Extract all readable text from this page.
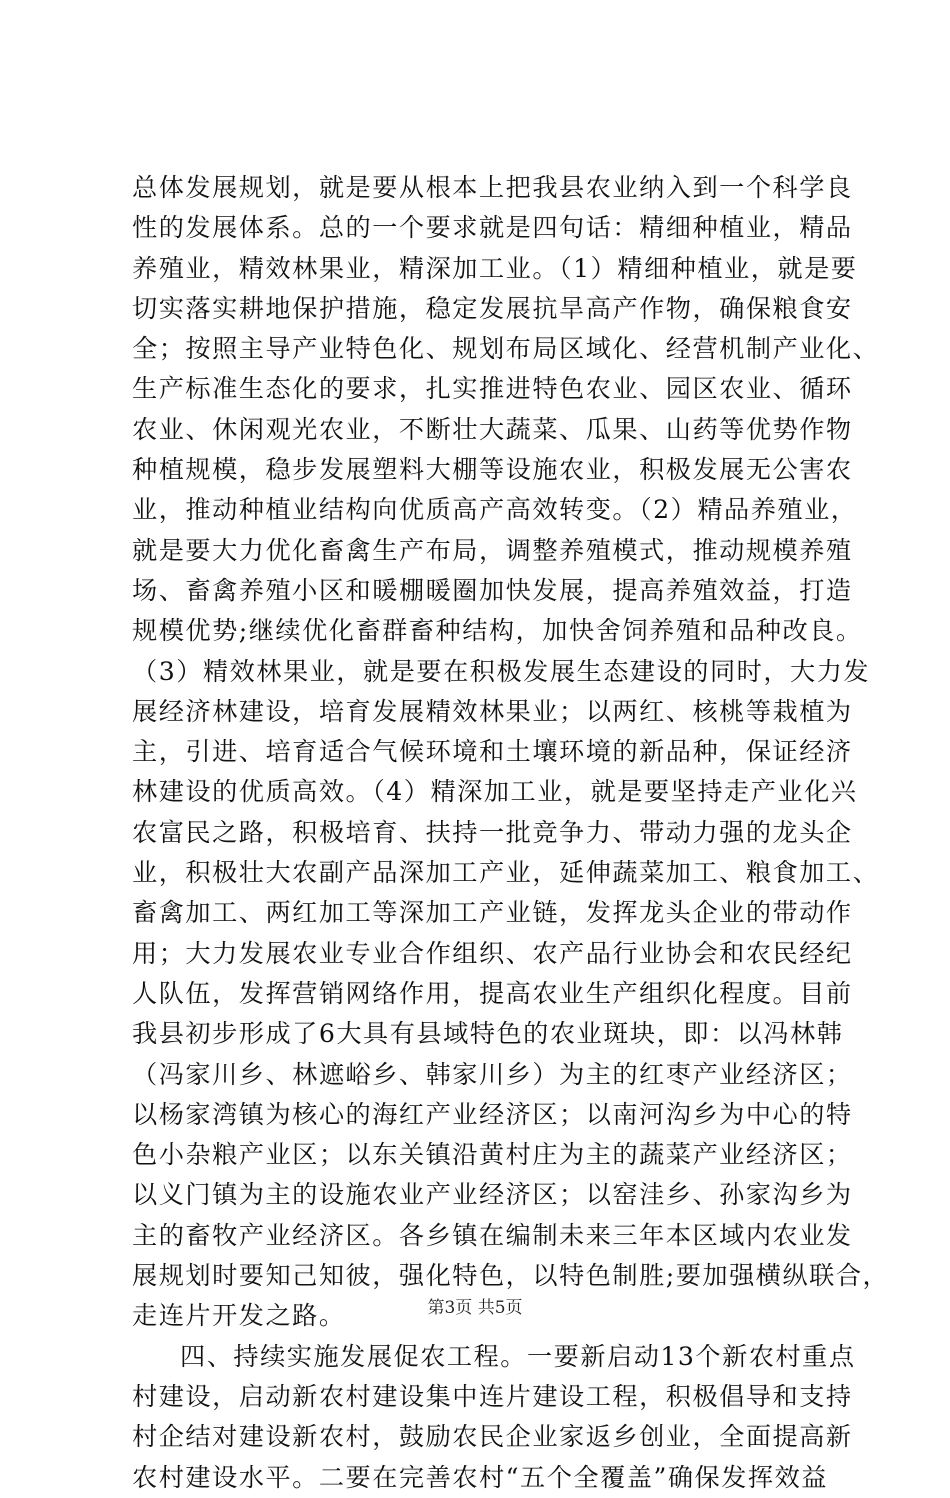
总体发展规划，就是要从根本上把我县农业纳入到一个科学良
性的发展体系。总的一个要求就是四句话：精细种植业，精品
养殖业，精效林果业，精深加工业。（1）精细种植业，就是要
切实落实耕地保护措施，稳定发展抗旱高产作物，确保粮食安
全；按照主导产业特色化、规划布局区域化、经营机制产业化、
生产标准生态化的要求，扎实推进特色农业、园区农业、循环
农业、休闲观光农业，不断壮大蔬菜、瓜果、山药等优势作物
种植规模，稳步发展塑料大棚等设施农业，积极发展无公害农
业，推动种植业结构向优质高产高效转变。（2）精品养殖业，
就是要大力优化畜禽生产布局，调整养殖模式，推动规模养殖
场、畜禽养殖小区和暖棚暖圈加快发展，提高养殖效益，打造
规模优势;继续优化畜群畜种结构，加快舍饲养殖和品种改良。
（3）精效林果业，就是要在积极发展生态建设的同时，大力发
展经济林建设，培育发展精效林果业；以两红、核桃等栽植为
主，引进、培育适合气候环境和土壤环境的新品种，保证经济
林建设的优质高效。（4）精深加工业，就是要坚持走产业化兴
农富民之路，积极培育、扶持一批竞争力、带动力强的龙头企
业，积极壮大农副产品深加工产业，延伸蔬菜加工、粮食加工、
畜禽加工、两红加工等深加工产业链，发挥龙头企业的带动作
用；大力发展农业专业合作组织、农产品行业协会和农民经纪
人队伍，发挥营销网络作用，提高农业生产组织化程度。目前
我县初步形成了6大具有县域特色的农业斑块，即：以冯林韩
（冯家川乡、林遮峪乡、韩家川乡）为主的红枣产业经济区；
以杨家湾镇为核心的海红产业经济区；以南河沟乡为中心的特
色小杂粮产业区；以东关镇沿黄村庄为主的蔬菜产业经济区；
以义门镇为主的设施农业产业经济区；以窑洼乡、孙家沟乡为
主的畜牧产业经济区。各乡镇在编制未来三年本区域内农业发
展规划时要知己知彼，强化特色，以特色制胜;要加强横纵联合，
走连片开发之路。
四、持续实施发展促农工程。一要新启动13个新农村重点
村建设，启动新农村建设集中连片建设工程，积极倡导和支持
村企结对建设新农村，鼓励农民企业家返乡创业，全面提高新
农村建设水平。二要在完善农村“五个全覆盖”确保发挥效益
第3页 共5页
